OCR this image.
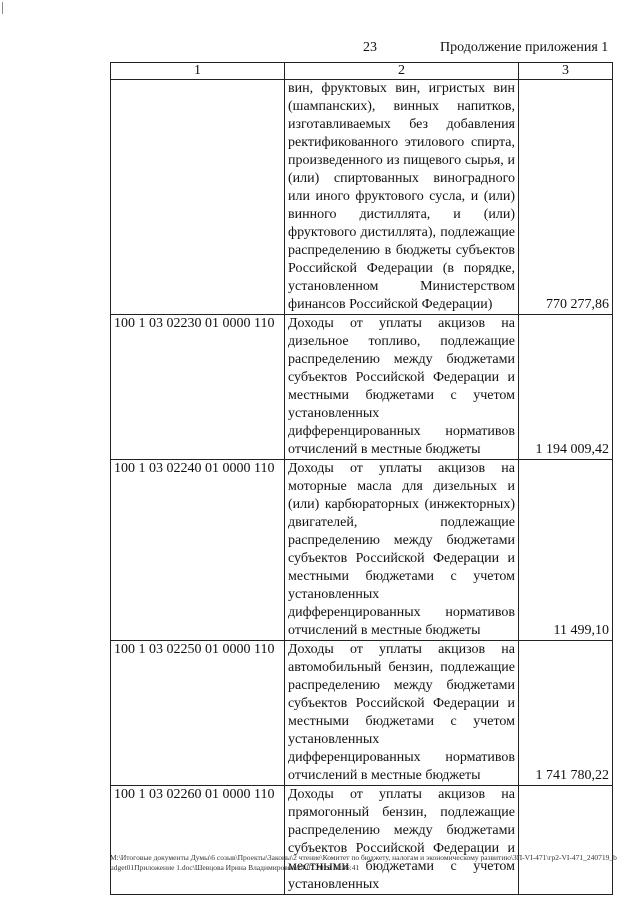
23	Продолжение приложения 1
1	2	3
	вин, фруктовых вин, игристых вин (шампанских), винных напитков, изготавливаемых без добавления ректификованного этилового спирта, произведенного из пищевого сырья, и (или) спиртованных виноградного или иного фруктового сусла, и (или) винного дистиллята, и (или) фруктового дистиллята), подлежащие распределению в бюджеты субъектов Российской Федерации (в порядке, установленном Министерством финансов Российской Федерации)	770 277,86
100 1 03 02230 01 0000 110	Доходы от уплаты акцизов на дизельное топливо, подлежащие распределению между бюджетами субъектов Российской Федерации и местными бюджетами с учетом установленных дифференцированных нормативов отчислений в местные бюджеты	1 194 009,42
100 1 03 02240 01 0000 110	Доходы от уплаты акцизов на моторные масла для дизельных и (или) карбюраторных (инжекторных) двигателей, подлежащие распределению между бюджетами субъектов Российской Федерации и местными бюджетами с учетом установленных дифференцированных нормативов отчислений в местные бюджеты	11 499,10
100 1 03 02250 01 0000 110	Доходы от уплаты акцизов на автомобильный бензин, подлежащие распределению между бюджетами субъектов Российской Федерации и местными бюджетами с учетом установленных дифференцированных нормативов отчислений в местные бюджеты	1 741 780,22
100 1 03 02260 01 0000 110	Доходы от уплаты акцизов на прямогонный бензин, подлежащие распределению между бюджетами субъектов Российской Федерации и местными бюджетами с учетом установленных	
M:\Итоговые документы Думы\6 созыв\Проекты\Законы\2 чтение\Комитет по бюджету, налогам и экономическому развитию\ЗП-VI-471\гр2-VI-471_240719_budget01Приложение 1.doc\Шевцова Ирина Владимировна\24.07.2019 11:46:41
